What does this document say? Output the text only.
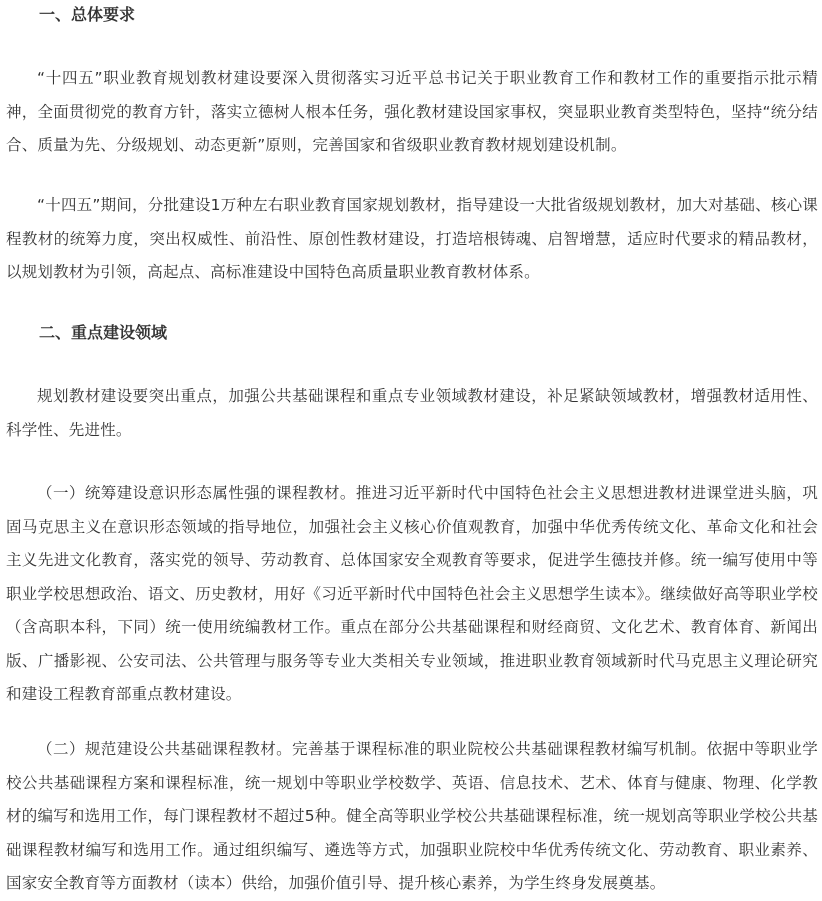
一、总体要求

“十四五”职业教育规划教材建设要深入贯彻落实习近平总书记关于职业教育工作和教材工作的重要指示批示精神，全面贯彻党的教育方针，落实立德树人根本任务，强化教材建设国家事权，突显职业教育类型特色，坚持“统分结合、质量为先、分级规划、动态更新”原则，完善国家和省级职业教育教材规划建设机制。

“十四五”期间，分批建设1万种左右职业教育国家规划教材，指导建设一大批省级规划教材，加大对基础、核心课程教材的统筹力度，突出权威性、前沿性、原创性教材建设，打造培根铸魂、启智增慧，适应时代要求的精品教材，以规划教材为引领，高起点、高标准建设中国特色高质量职业教育教材体系。

二、重点建设领域

规划教材建设要突出重点，加强公共基础课程和重点专业领域教材建设，补足紧缺领域教材，增强教材适用性、科学性、先进性。

（一）统筹建设意识形态属性强的课程教材。推进习近平新时代中国特色社会主义思想进教材进课堂进头脑，巩固马克思主义在意识形态领域的指导地位，加强社会主义核心价值观教育，加强中华优秀传统文化、革命文化和社会主义先进文化教育，落实党的领导、劳动教育、总体国家安全观教育等要求，促进学生德技并修。统一编写使用中等职业学校思想政治、语文、历史教材，用好《习近平新时代中国特色社会主义思想学生读本》。继续做好高等职业学校（含高职本科，下同）统一使用统编教材工作。重点在部分公共基础课程和财经商贸、文化艺术、教育体育、新闻出版、广播影视、公安司法、公共管理与服务等专业大类相关专业领域，推进职业教育领域新时代马克思主义理论研究和建设工程教育部重点教材建设。

（二）规范建设公共基础课程教材。完善基于课程标准的职业院校公共基础课程教材编写机制。依据中等职业学校公共基础课程方案和课程标准，统一规划中等职业学校数学、英语、信息技术、艺术、体育与健康、物理、化学教材的编写和选用工作，每门课程教材不超过5种。健全高等职业学校公共基础课程标准，统一规划高等职业学校公共基础课程教材编写和选用工作。通过组织编写、遴选等方式，加强职业院校中华优秀传统文化、劳动教育、职业素养、国家安全教育等方面教材（读本）供给，加强价值引导、提升核心素养，为学生终身发展奠基。
